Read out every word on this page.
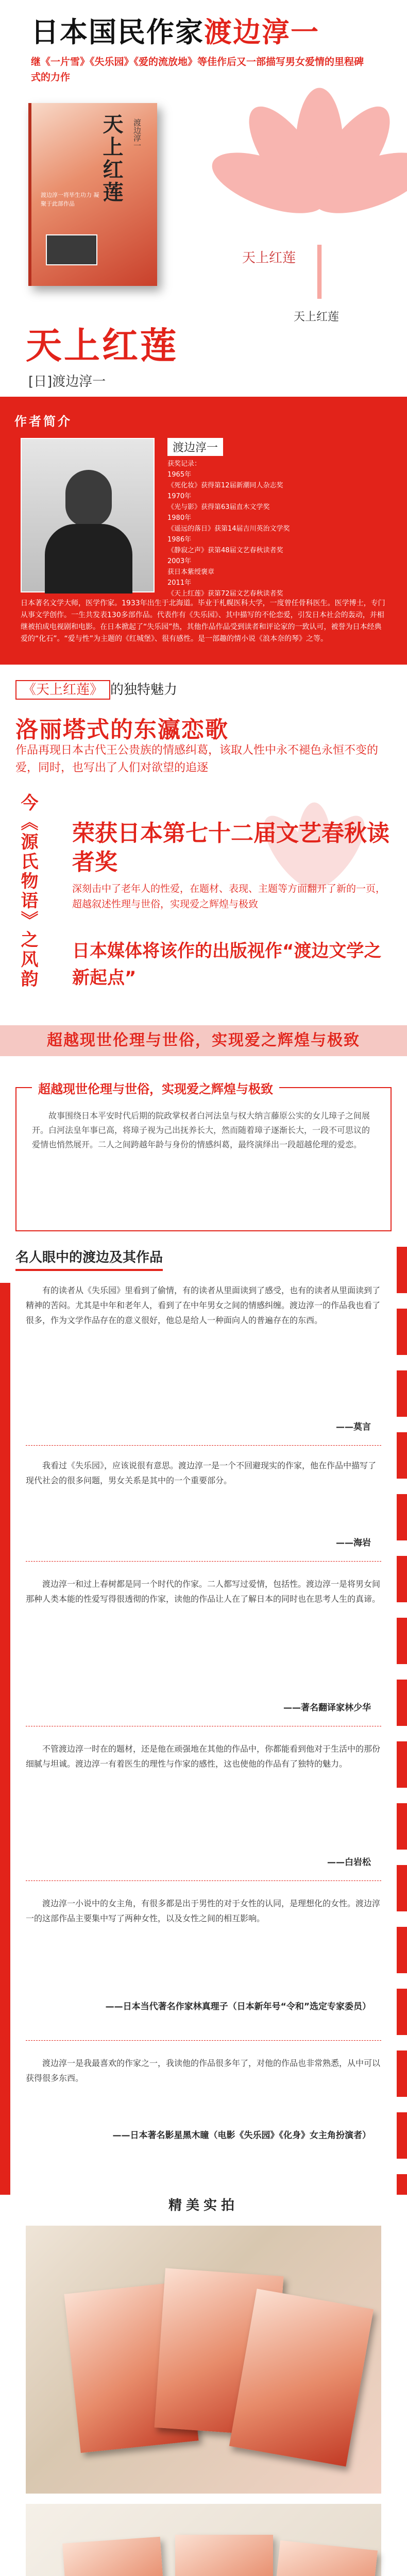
日本国民作家渡边淳一
继《一片雪》《失乐园》《爱的流放地》等佳作后又一部描写男女爱情的里程碑式的力作
天上红莲	渡边淳一
渡边淳一将毕生功力 凝聚于此部作品
天上红莲
天上红莲
天上红莲
[日]渡边淳一
作者简介
渡边淳一
获奖记录：
1965年
《死化妆》获得第12届新潮同人杂志奖
1970年
《光与影》获得第63届直木文学奖
1980年
《遥远的落日》获第14届吉川英治文学奖
1986年
《静寂之声》获第48届文艺春秋读者奖
2003年
获日本紫绶褒章
2011年
《天上红莲》获第72届文艺春秋读者奖
日本著名文学大师，医学作家。1933年出生于北海道。毕业于札幌医科大学，一度曾任骨科医生。医学博士，专门从事文学创作。一生共发表130多部作品。代表作有《失乐园》、其中描写的不伦恋爱，引发日本社会的轰动，并相继被拍成电视剧和电影。在日本掀起了“失乐园”热，其他作品作品受到读者和评论家的一致认可，被誉为日本经典爱的“化石”。“爱与性”为主题的《红城堡》、很有感性。是一部趣的情小说《浪本奈的琴》之等。
《天上红莲》 的独特魅力
洛丽塔式的东瀛恋歌
作品再现日本古代王公贵族的情感纠葛，该取人性中永不褪色永恒不变的爱，同时，也写出了人们对欲望的追逐
今《源氏物语》之风韵 荣获日本第七十二届文艺春秋读者奖
深刻击中了老年人的性爱，在题材、表现、主题等方面翻开了新的一页，超越叙述性理与世俗，实现爱之辉煌与极致
日本媒体将该作的出版视作“渡边文学之新起点”
超越现世伦理与世俗，实现爱之辉煌与极致
超越现世伦理与世俗，实现爱之辉煌与极致
故事围绕日本平安时代后期的院政掌权者白河法皇与权大纳言藤原公实的女儿璋子之间展开。白河法皇年事已高，将璋子视为己出抚养长大，然而随着璋子逐渐长大，一段不可思议的爱情也悄然展开。二人之间跨越年龄与身份的情感纠葛，最终演绎出一段超越伦理的爱恋。
名人眼中的渡边及其作品
有的读者从《失乐园》里看到了偷情，有的读者从里面读到了感受，也有的读者从里面读到了精神的苦闷。尤其是中年和老年人，看到了在中年男女之间的情感纠缠。渡边淳一的作品我也看了很多，作为文学作品存在的意义很好，他总是给人一种面向人的普遍存在的东西。
——莫言
我看过《失乐园》，应该说很有意思。渡边淳一是一个不回避现实的作家，他在作品中描写了现代社会的很多问题，男女关系是其中的一个重要部分。
——海岩
渡边淳一和过上春树都是同一个时代的作家。二人都写过爱情，包括性。渡边淳一是将男女间那种人类本能的性爱写得很透彻的作家，读他的作品让人在了解日本的同时也在思考人生的真谛。
——著名翻译家林少华
不管渡边淳一时在的题材，还是他在顽强地在其他的作品中，你都能看到他对于生活中的那份细腻与坦诚。渡边淳一有着医生的理性与作家的感性，这也使他的作品有了独特的魅力。
——白岩松
渡边淳一小说中的女主角，有很多都是出于男性的对于女性的认同，是理想化的女性。渡边淳一的这部作品主要集中写了两种女性，以及女性之间的相互影响。
——日本当代著名作家林真理子（日本新年号“令和”选定专家委员）
渡边淳一是我最喜欢的作家之一，我读他的作品很多年了，对他的作品也非常熟悉，从中可以获得很多东西。
——日本著名影星黑木瞳（电影《失乐园》《化身》女主角扮演者）
精美实拍
